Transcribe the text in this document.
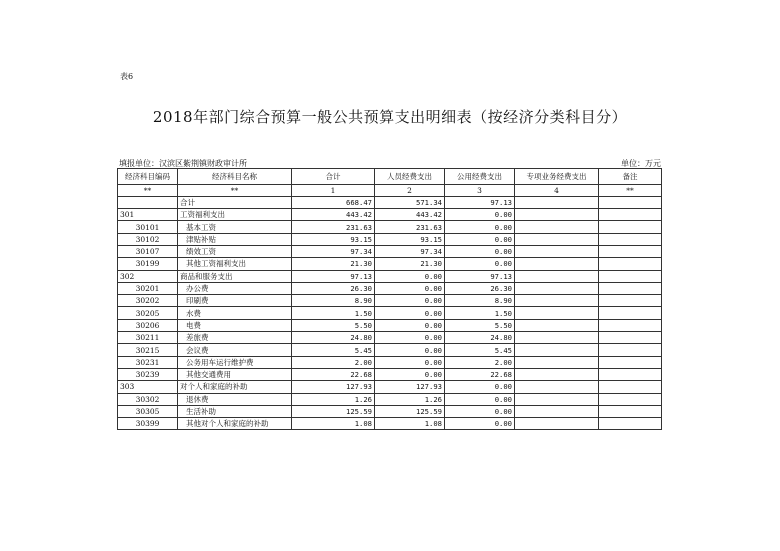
表6
2018年部门综合预算一般公共预算支出明细表（按经济分类科目分）
填报单位：汉滨区紫荆镇财政审计所	单位：万元
经济科目编码	经济科目名称	合计	人员经费支出	公用经费支出	专项业务经费支出	备注
**	**	1	2	3	4	**
	合计	668.47	571.34	97.13		
301	工资福利支出	443.42	443.42	0.00		
30101	基本工资	231.63	231.63	0.00		
30102	津贴补贴	93.15	93.15	0.00		
30107	绩效工资	97.34	97.34	0.00		
30199	其他工资福利支出	21.30	21.30	0.00		
302	商品和服务支出	97.13	0.00	97.13		
30201	办公费	26.30	0.00	26.30		
30202	印刷费	8.90	0.00	8.90		
30205	水费	1.50	0.00	1.50		
30206	电费	5.50	0.00	5.50		
30211	差旅费	24.80	0.00	24.80		
30215	会议费	5.45	0.00	5.45		
30231	公务用车运行维护费	2.00	0.00	2.00		
30239	其他交通费用	22.68	0.00	22.68		
303	对个人和家庭的补助	127.93	127.93	0.00		
30302	退休费	1.26	1.26	0.00		
30305	生活补助	125.59	125.59	0.00		
30399	其他对个人和家庭的补助	1.08	1.08	0.00		
